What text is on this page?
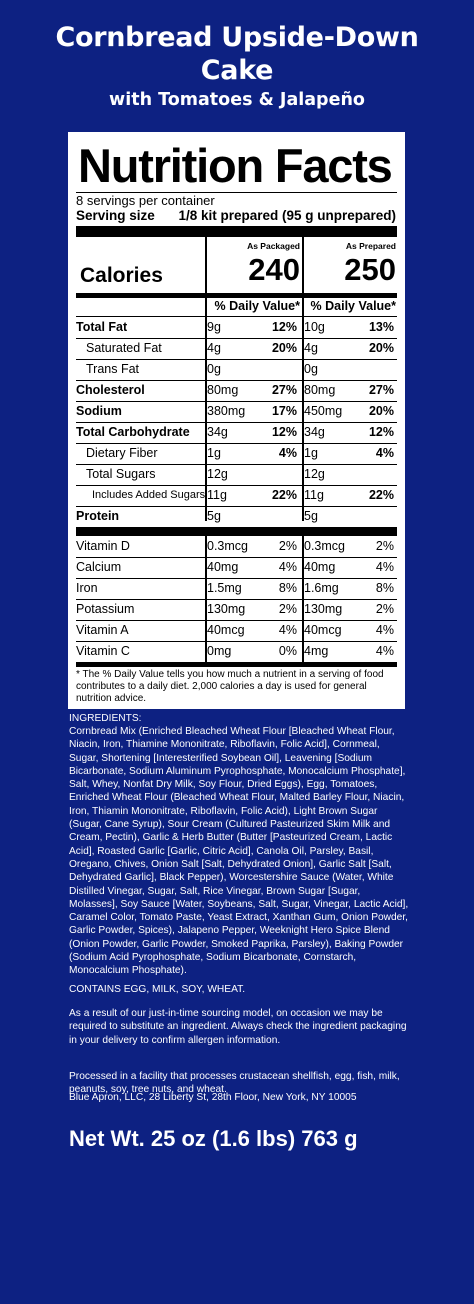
Cornbread Upside-Down
Cake
with Tomatoes & Jalapeño
Nutrition Facts
8 servings per container
Serving size 1/8 kit prepared (95 g unprepared)
As Packaged	As Prepared
Calories	240 250
% Daily Value* % Daily Value*
Total Fat	9g	12% 10g	13%
Saturated Fat	4g	20% 4g	20%
Trans Fat	0g	0g
Cholesterol	80mg	27% 80mg	27%
Sodium	380mg 17% 450mg 20%
Total Carbohydrate 34g	12% 34g	12%
Dietary Fiber	1g	4% 1g	4%
Total Sugars	12g	12g
Includes Added Sugars 11g	22% 11g	22%
Protein	5g	5g
Vitamin D	0.3mcg 2% 0.3mcg 2%
Calcium	40mg	4% 40mg	4%
Iron	1.5mg	8% 1.6mg	8%
Potassium	130mg	2% 130mg	2%
Vitamin A	40mcg	4% 40mcg	4%
Vitamin C	0mg	0% 4mg	4%
* The % Daily Value tells you how much a nutrient in a serving of food contributes to a daily diet. 2,000 calories a day is used for general nutrition advice.
INGREDIENTS:
Cornbread Mix (Enriched Bleached Wheat Flour [Bleached Wheat Flour, Niacin, Iron, Thiamine Mononitrate, Riboflavin, Folic Acid], Cornmeal, Sugar, Shortening [Interesterified Soybean Oil], Leavening [Sodium Bicarbonate, Sodium Aluminum Pyrophosphate, Monocalcium Phosphate], Salt, Whey, Nonfat Dry Milk, Soy Flour, Dried Eggs), Egg, Tomatoes, Enriched Wheat Flour (Bleached Wheat Flour, Malted Barley Flour, Niacin, Iron, Thiamin Mononitrate, Riboflavin, Folic Acid), Light Brown Sugar (Sugar, Cane Syrup), Sour Cream (Cultured Pasteurized Skim Milk and Cream, Pectin), Garlic & Herb Butter (Butter [Pasteurized Cream, Lactic Acid], Roasted Garlic [Garlic, Citric Acid], Canola Oil, Parsley, Basil, Oregano, Chives, Onion Salt [Salt, Dehydrated Onion], Garlic Salt [Salt, Dehydrated Garlic], Black Pepper), Worcestershire Sauce (Water, White Distilled Vinegar, Sugar, Salt, Rice Vinegar, Brown Sugar [Sugar, Molasses], Soy Sauce [Water, Soybeans, Salt, Sugar, Vinegar, Lactic Acid], Caramel Color, Tomato Paste, Yeast Extract, Xanthan Gum, Onion Powder, Garlic Powder, Spices), Jalapeno Pepper, Weeknight Hero Spice Blend (Onion Powder, Garlic Powder, Smoked Paprika, Parsley), Baking Powder (Sodium Acid Pyrophosphate, Sodium Bicarbonate, Cornstarch, Monocalcium Phosphate).
CONTAINS EGG, MILK, SOY, WHEAT.
As a result of our just-in-time sourcing model, on occasion we may be required to substitute an ingredient. Always check the ingredient packaging in your delivery to confirm allergen information.
Processed in a facility that processes crustacean shellfish, egg, fish, milk, peanuts, soy, tree nuts, and wheat.
Blue Apron, LLC, 28 Liberty St, 28th Floor, New York, NY 10005
Net Wt. 25 oz (1.6 lbs) 763 g
